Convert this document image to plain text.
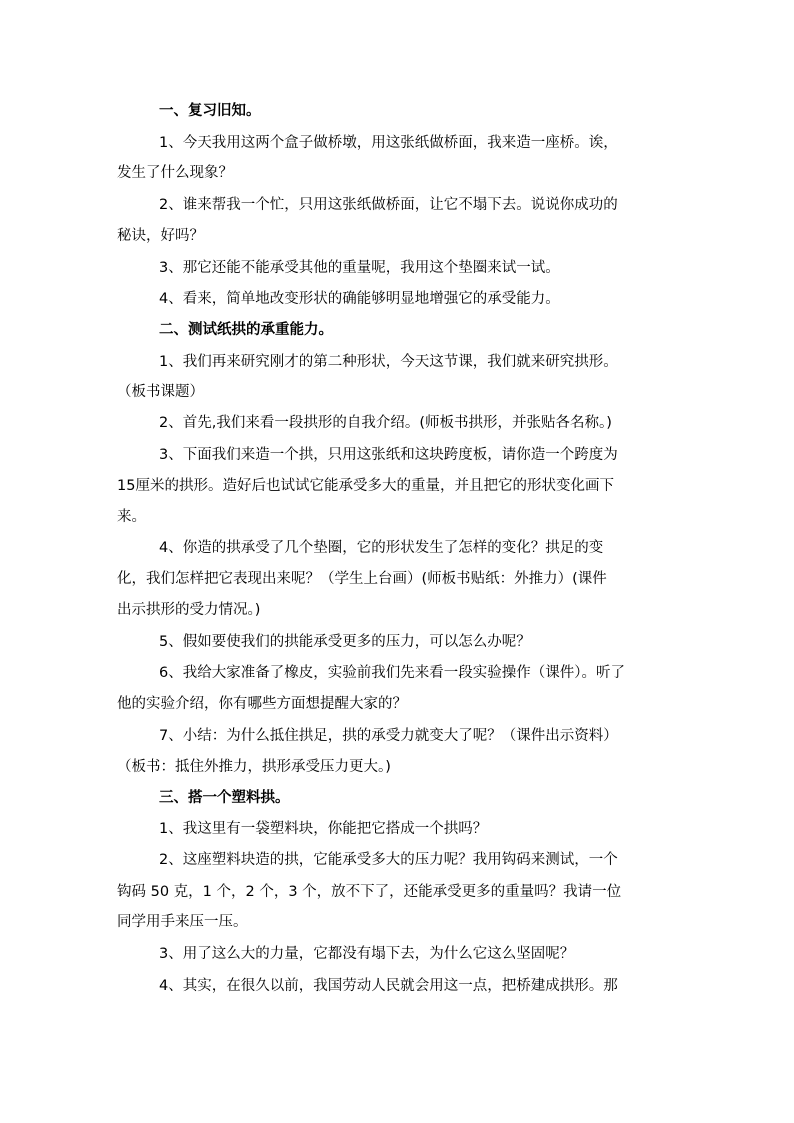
一、复习旧知。
1、今天我用这两个盒子做桥墩，用这张纸做桥面，我来造一座桥。诶，
发生了什么现象？
2、谁来帮我一个忙，只用这张纸做桥面，让它不塌下去。说说你成功的
秘诀，好吗？
3、那它还能不能承受其他的重量呢，我用这个垫圈来试一试。
4、看来，简单地改变形状的确能够明显地增强它的承受能力。
二、测试纸拱的承重能力。
1、我们再来研究刚才的第二种形状，今天这节课，我们就来研究拱形。
（板书课题）
2、首先,我们来看一段拱形的自我介绍。(师板书拱形，并张贴各名称。)
3、下面我们来造一个拱，只用这张纸和这块跨度板，请你造一个跨度为
15厘米的拱形。造好后也试试它能承受多大的重量，并且把它的形状变化画下
来。
4、你造的拱承受了几个垫圈，它的形状发生了怎样的变化？拱足的变
化，我们怎样把它表现出来呢？（学生上台画）(师板书贴纸：外推力）(课件
出示拱形的受力情况。)
5、假如要使我们的拱能承受更多的压力，可以怎么办呢？
6、我给大家准备了橡皮，实验前我们先来看一段实验操作（课件）。听了
他的实验介绍，你有哪些方面想提醒大家的？
7、小结：为什么抵住拱足，拱的承受力就变大了呢？（课件出示资料）
（板书：抵住外推力，拱形承受压力更大。)
三、搭一个塑料拱。
1、我这里有一袋塑料块，你能把它搭成一个拱吗？
2、这座塑料块造的拱，它能承受多大的压力呢？我用钩码来测试，一个
钩码 50 克，1 个，2 个，3 个，放不下了，还能承受更多的重量吗？我请一位
同学用手来压一压。
3、用了这么大的力量，它都没有塌下去，为什么它这么坚固呢？
4、其实，在很久以前，我国劳动人民就会用这一点，把桥建成拱形。那
